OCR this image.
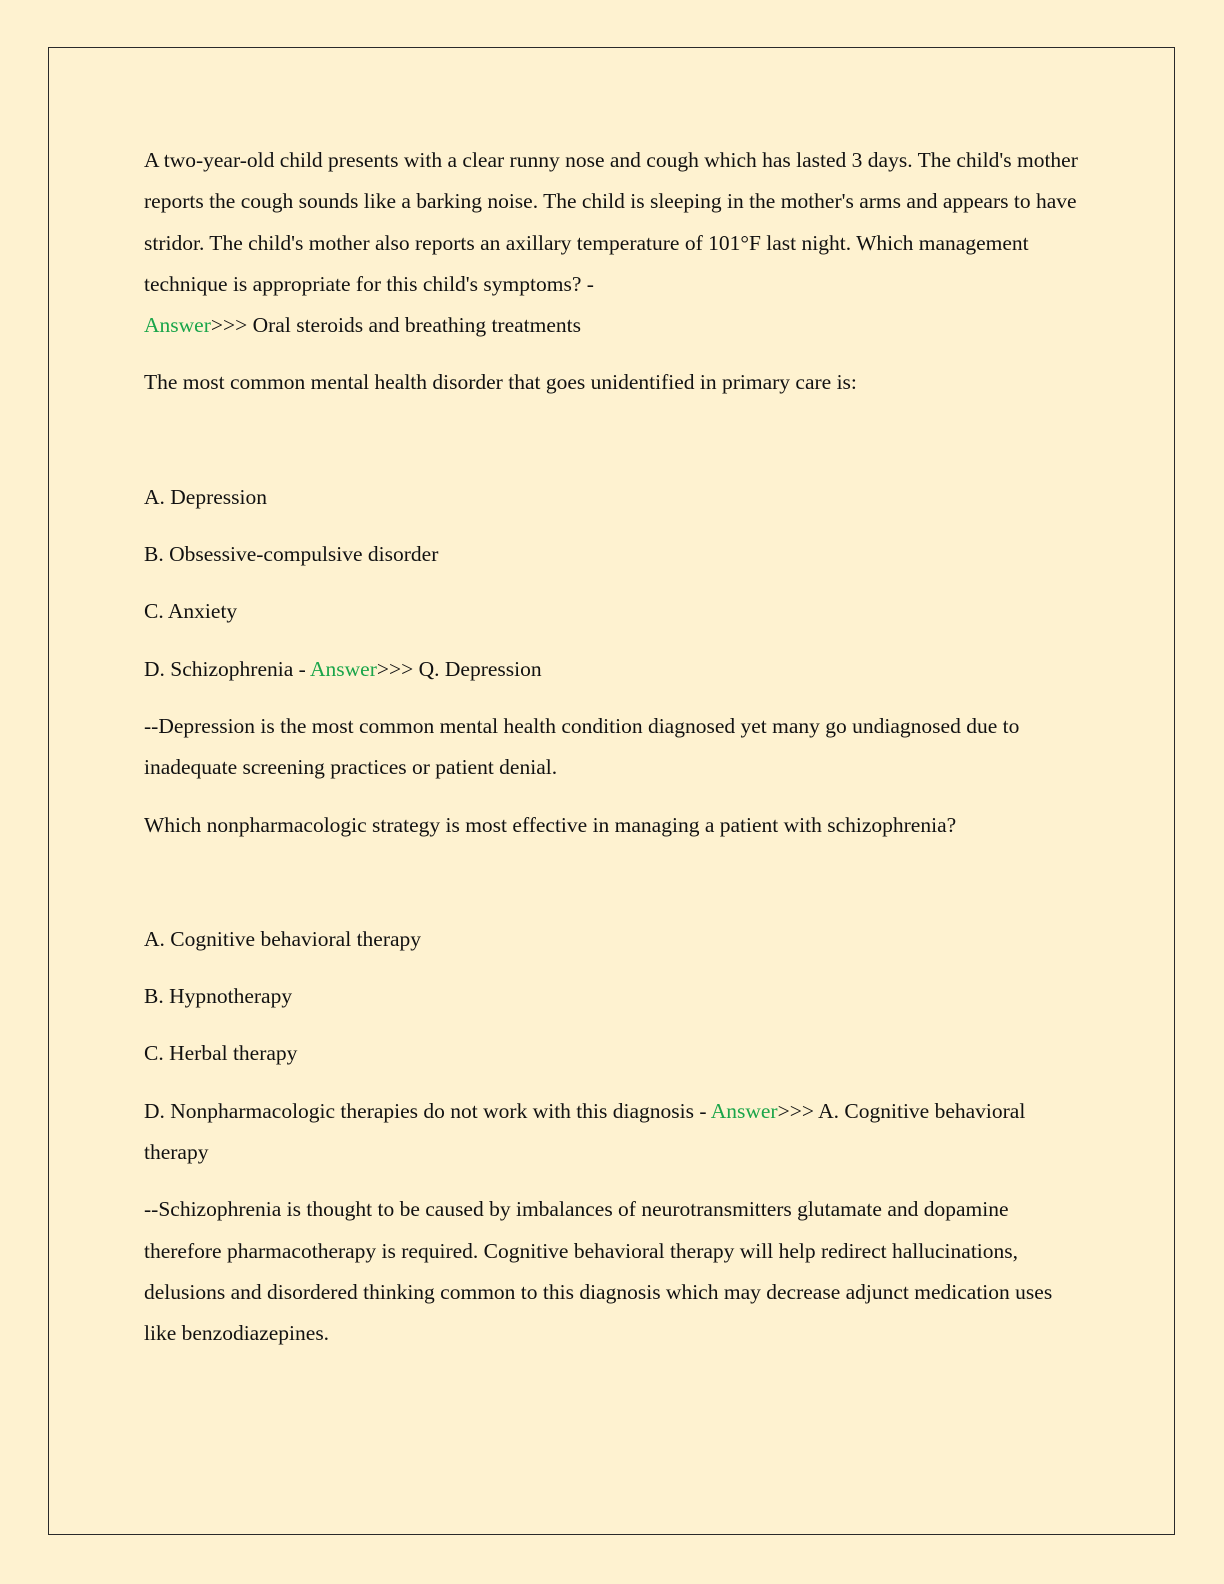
A two-year-old child presents with a clear runny nose and cough which has lasted 3 days. The child's mother reports the cough sounds like a barking noise. The child is sleeping in the mother's arms and appears to have stridor. The child's mother also reports an axillary temperature of 101°F last night. Which management technique is appropriate for this child's symptoms? -
Answer>>> Oral steroids and breathing treatments

The most common mental health disorder that goes unidentified in primary care is:

A. Depression

B. Obsessive-compulsive disorder

C. Anxiety

D. Schizophrenia - Answer>>> Q. Depression

--Depression is the most common mental health condition diagnosed yet many go undiagnosed due to inadequate screening practices or patient denial.

Which nonpharmacologic strategy is most effective in managing a patient with schizophrenia?

A. Cognitive behavioral therapy

B. Hypnotherapy

C. Herbal therapy

D. Nonpharmacologic therapies do not work with this diagnosis - Answer>>> A. Cognitive behavioral therapy

--Schizophrenia is thought to be caused by imbalances of neurotransmitters glutamate and dopamine therefore pharmacotherapy is required. Cognitive behavioral therapy will help redirect hallucinations, delusions and disordered thinking common to this diagnosis which may decrease adjunct medication uses like benzodiazepines.
